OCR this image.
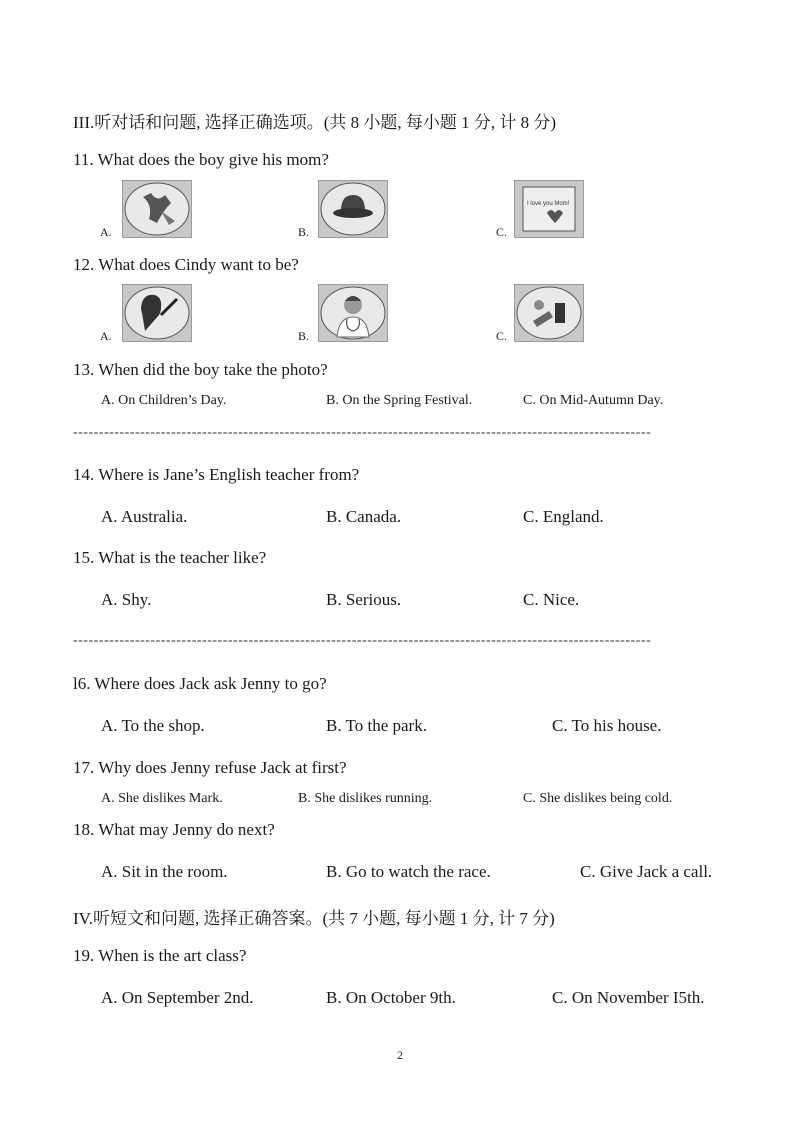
III.听对话和问题, 选择正确选项。(共 8 小题, 每小题 1 分, 计 8 分)
11. What does the boy give his mom?
A.	B.	C.
I love you Mom!
12. What does Cindy want to be?
A.	B.	C.
13. When did the boy take the photo?
A. On Children’s Day.	B. On the Spring Festival.	C. On Mid-Autumn Day.
----------------------------------------------------------------------------------------------------------------
14. Where is Jane’s English teacher from?
A. Australia.	B. Canada.	C. England.
15. What is the teacher like?
A. Shy.	B. Serious.	C. Nice.
----------------------------------------------------------------------------------------------------------------
l6. Where does Jack ask Jenny to go?
A. To the shop.	B. To the park.	C. To his house.
17. Why does Jenny refuse Jack at first?
A. She dislikes Mark.	B. She dislikes running.	C. She dislikes being cold.
18. What may Jenny do next?
A. Sit in the room.	B. Go to watch the race.	C. Give Jack a call.
IV.听短文和问题, 选择正确答案。(共 7 小题, 每小题 1 分, 计 7 分)
19. When is the art class?
A. On September 2nd.	B. On October 9th.	C. On November I5th.
2
